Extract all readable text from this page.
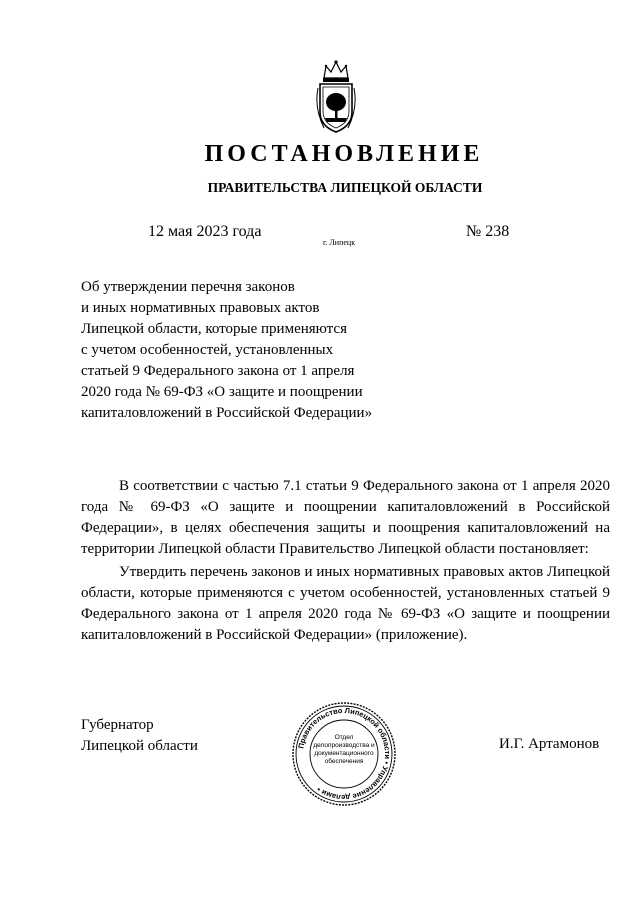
ПОСТАНОВЛЕНИЕ
ПРАВИТЕЛЬСТВА ЛИПЕЦКОЙ ОБЛАСТИ
12 мая 2023 года
г. Липецк
№ 238
Об утверждении перечня законов
и иных нормативных правовых актов
Липецкой области, которые применяются
с учетом особенностей, установленных
статьей 9 Федерального закона от 1 апреля
2020 года № 69-ФЗ «О защите и поощрении
капиталовложений в Российской Федерации»

В соответствии с частью 7.1 статьи 9 Федерального закона от 1 апреля 2020 года № 69-ФЗ «О защите и поощрении капиталовложений в Российской Федерации», в целях обеспечения защиты и поощрения капиталовложений на территории Липецкой области Правительство Липецкой области постановляет:

Утвердить перечень законов и иных нормативных правовых актов Липецкой области, которые применяются с учетом особенностей, установленных статьей 9 Федерального закона от 1 апреля 2020 года № 69-ФЗ «О защите и поощрении капиталовложений в Российской Федерации» (приложение).

Губернатор
Липецкой области	И.Г. Артамонов
Правительство Липецкой области • Управление делами •
Отдел
делопроизводства и
документационного
обеспечения
